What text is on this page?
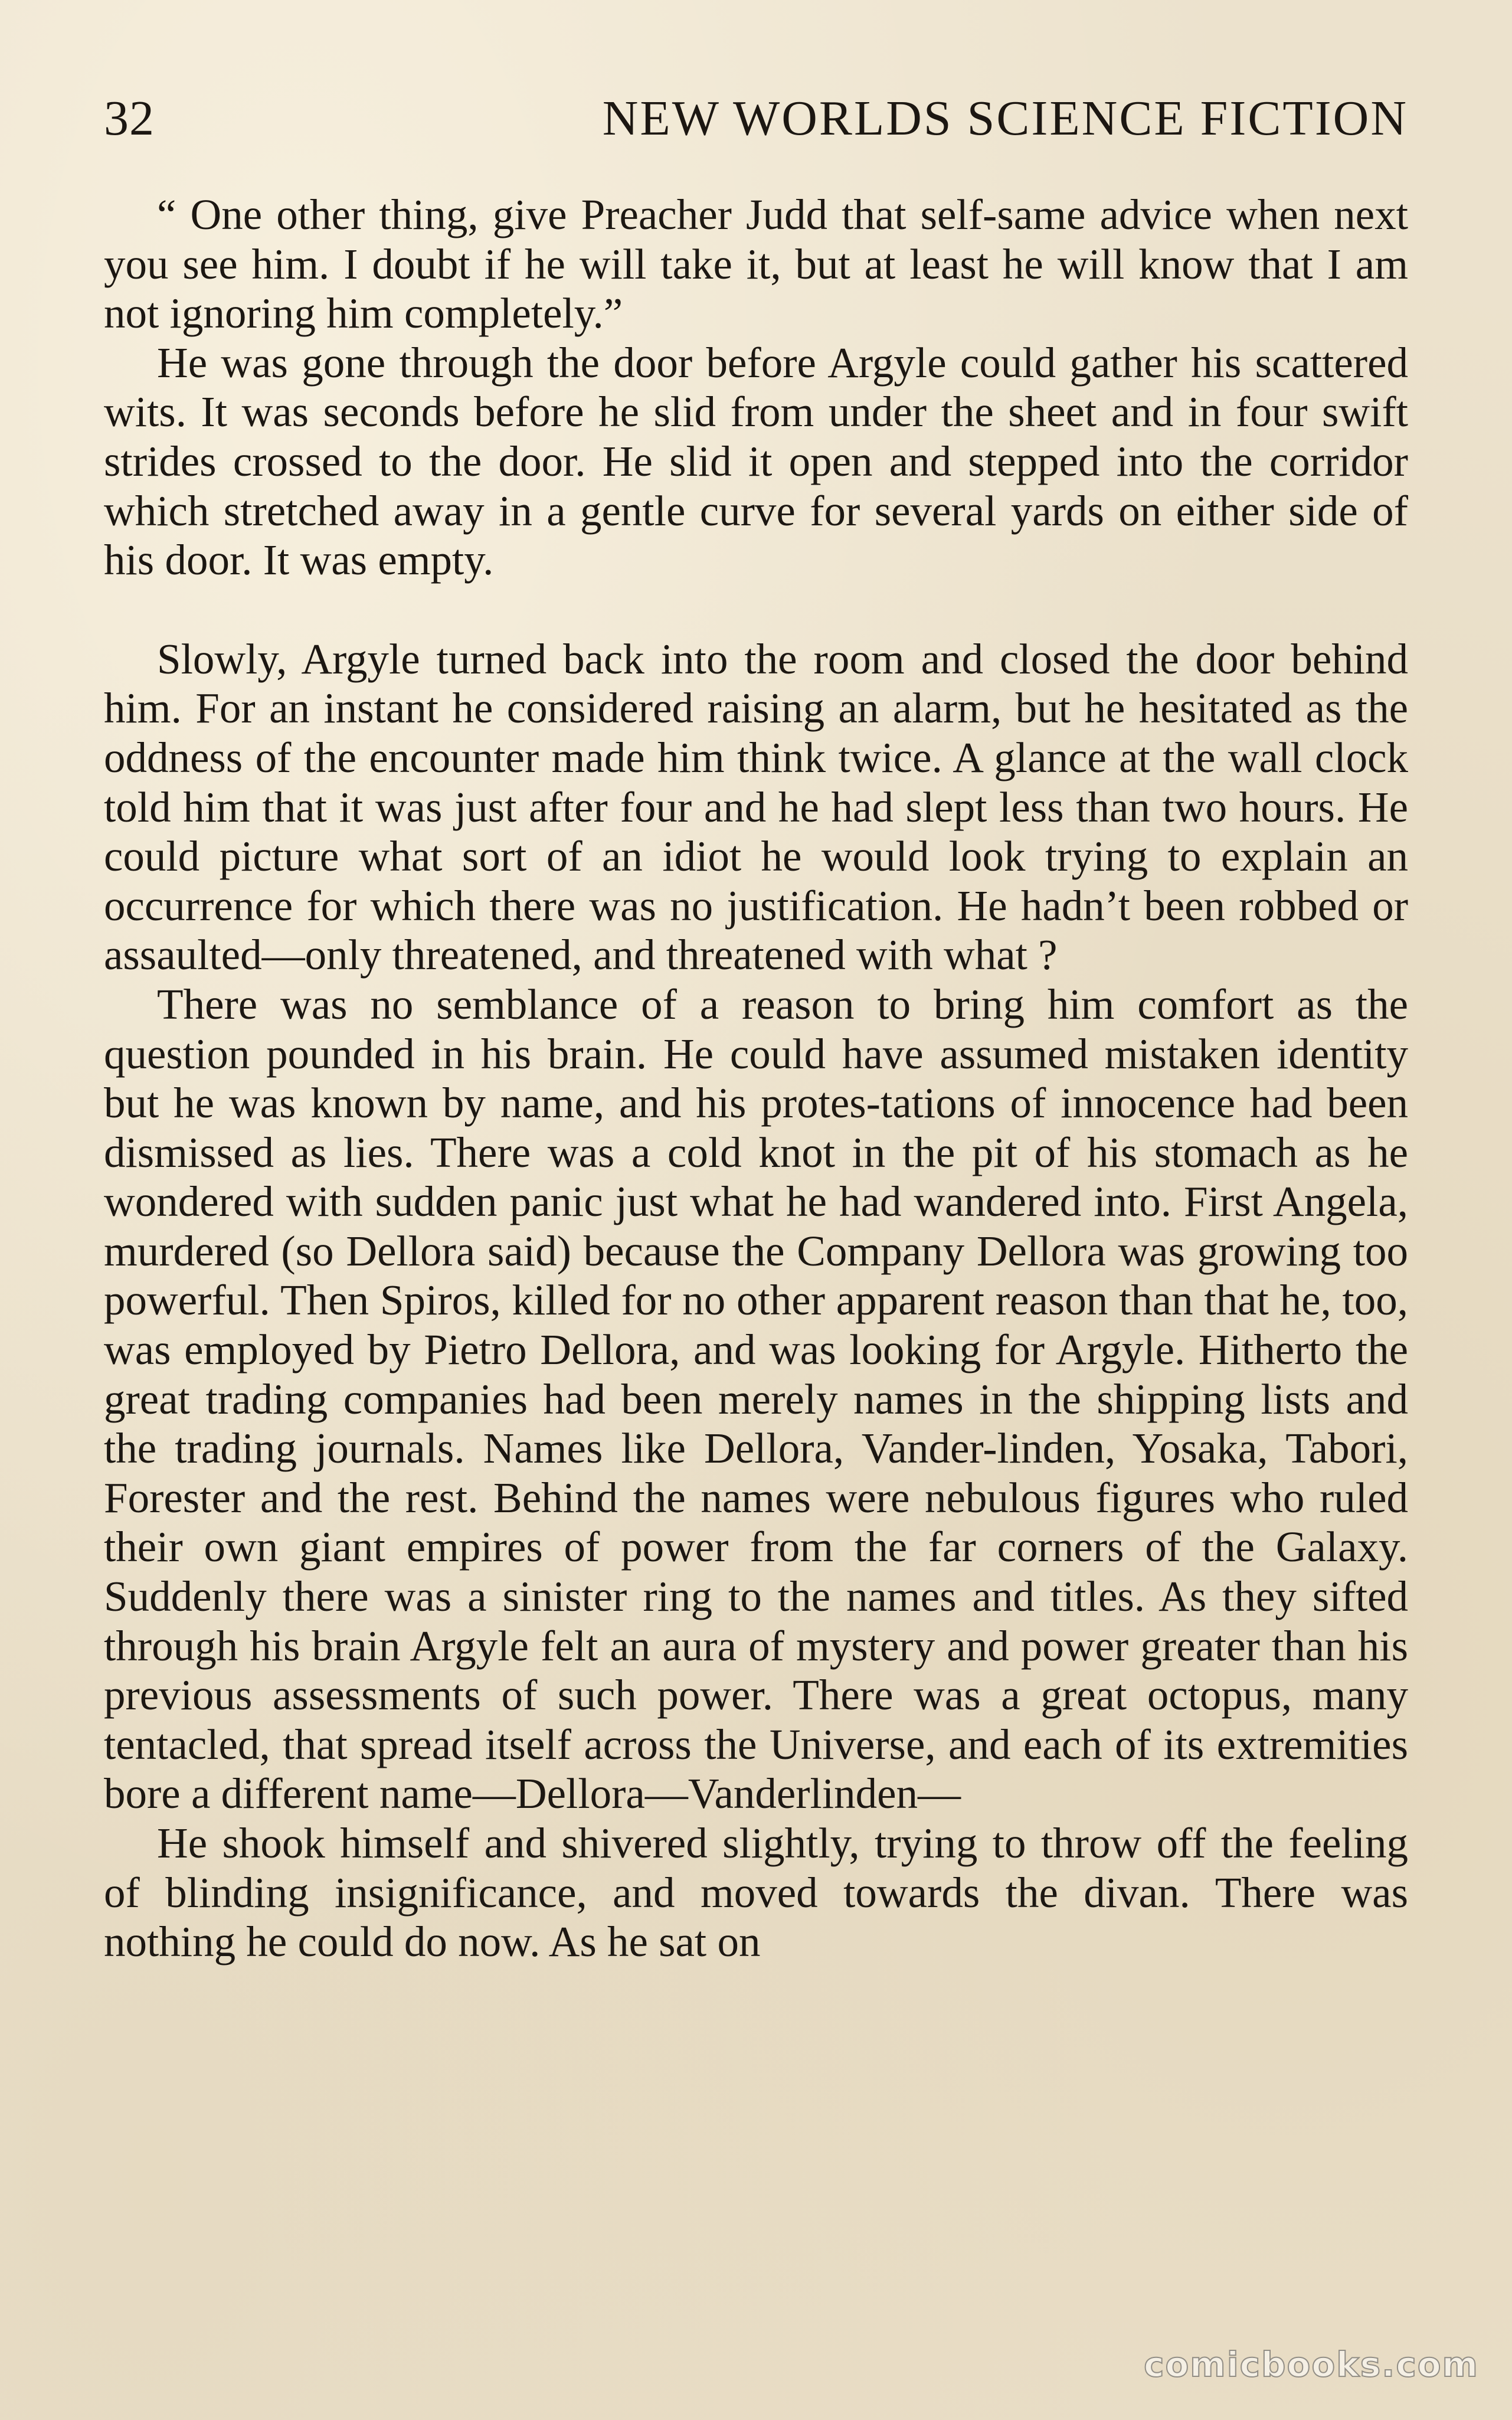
32	NEW WORLDS SCIENCE FICTION

“ One other thing, give Preacher Judd that self-same advice when next you see him. I doubt if he will take it, but at least he will know that I am not ignoring him completely.”

He was gone through the door before Argyle could gather his scattered wits. It was seconds before he slid from under the sheet and in four swift strides crossed to the door. He slid it open and stepped into the corridor which stretched away in a gentle curve for several yards on either side of his door. It was empty.

Slowly, Argyle turned back into the room and closed the door behind him. For an instant he considered raising an alarm, but he hesitated as the oddness of the encounter made him think twice. A glance at the wall clock told him that it was just after four and he had slept less than two hours. He could picture what sort of an idiot he would look trying to explain an occurrence for which there was no justification. He hadn’t been robbed or assaulted—only threatened, and threatened with what ?

There was no semblance of a reason to bring him comfort as the question pounded in his brain. He could have assumed mistaken identity but he was known by name, and his protes-tations of innocence had been dismissed as lies. There was a cold knot in the pit of his stomach as he wondered with sudden panic just what he had wandered into. First Angela, murdered (so Dellora said) because the Company Dellora was growing too powerful. Then Spiros, killed for no other apparent reason than that he, too, was employed by Pietro Dellora, and was looking for Argyle. Hitherto the great trading companies had been merely names in the shipping lists and the trading journals. Names like Dellora, Vander-linden, Yosaka, Tabori, Forester and the rest. Behind the names were nebulous figures who ruled their own giant empires of power from the far corners of the Galaxy. Suddenly there was a sinister ring to the names and titles. As they sifted through his brain Argyle felt an aura of mystery and power greater than his previous assessments of such power. There was a great octopus, many tentacled, that spread itself across the Universe, and each of its extremities bore a different name—Dellora—Vanderlinden—

He shook himself and shivered slightly, trying to throw off the feeling of blinding insignificance, and moved towards the divan. There was nothing he could do now. As he sat on

comicbooks.com
